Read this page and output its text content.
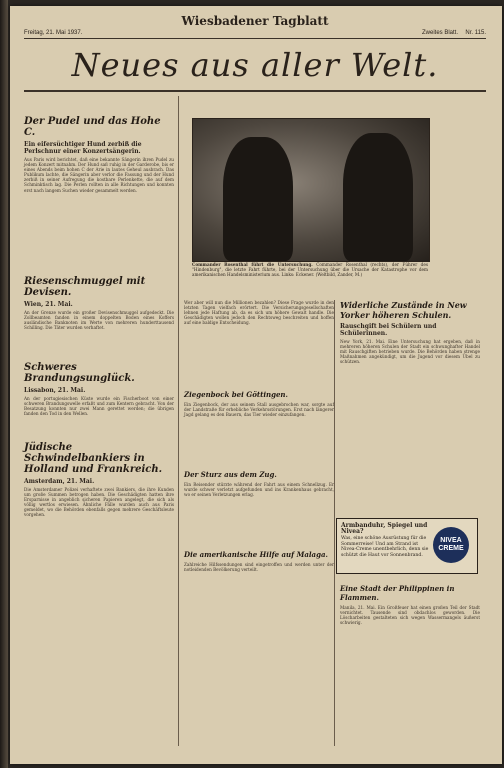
Wiesbadener Tagblatt
Freitag, 21. Mai 1937.	Zweites Blatt. Nr. 115.
Neues aus aller Welt.
Der Pudel und das Hohe C.
Ein eifersüchtiger Hund zerbiß die Perlschnur einer Konzertsängerin.

Aus Paris wird berichtet, daß eine bekannte Sängerin ihren Pudel zu jedem Konzert mitnahm. Der Hund saß ruhig in der Garderobe, bis er eines Abends beim hohen C der Arie in lautes Geheul ausbrach. Das Publikum lachte, die Sängerin aber verlor die Fassung und der Hund zerbiß in seiner Aufregung die kostbare Perlenkette, die auf dem Schminktisch lag. Die Perlen rollten in alle Richtungen und konnten erst nach langem Suchen wieder gesammelt werden.

Riesenschmuggel mit Devisen.
Wien, 21. Mai.

An der Grenze wurde ein großer Devisenschmuggel aufgedeckt. Die Zollbeamten fanden in einem doppelten Boden eines Koffers ausländische Banknoten im Werte von mehreren hunderttausend Schilling. Die Täter wurden verhaftet.

Schweres Brandungsunglück.
Lissabon, 21. Mai.

An der portugiesischen Küste wurde ein Fischerboot von einer schweren Brandungswelle erfaßt und zum Kentern gebracht. Von der Besatzung konnten nur zwei Mann gerettet werden; die übrigen fanden den Tod in den Wellen.

Jüdische Schwindelbankiers in Holland und Frankreich.
Amsterdam, 21. Mai.

Die Amsterdamer Polizei verhaftete zwei Bankiers, die ihre Kunden um große Summen betrogen haben. Die Geschädigten hatten ihre Ersparnisse in angeblich sicheren Papieren angelegt, die sich als völlig wertlos erwiesen. Ähnliche Fälle wurden auch aus Paris gemeldet, wo die Behörden ebenfalls gegen mehrere Geschäftsleute vorgehen.

Commander Rosenthal führt die Untersuchung. Commander Rosenthal (rechts), der Führer des "Hindenburg", die letzte Fahrt führte, bei der Untersuchung über die Ursache der Katastrophe vor dem amerikanischen Handelsministerium aus. Links: Eckener. (Weltbild, Zander, M.)

Wer aber will nun die Millionen bezahlen? Diese Frage wurde in den letzten Tagen vielfach erörtert. Die Versicherungsgesellschaften lehnen jede Haftung ab, da es sich um höhere Gewalt handle. Die Geschädigten wollen jedoch den Rechtsweg beschreiten und hoffen auf eine baldige Entscheidung.

Ziegenbock bei Göttingen.

Ein Ziegenbock, der aus seinem Stall ausgebrochen war, sorgte auf der Landstraße für erhebliche Verkehrsstörungen. Erst nach längerer Jagd gelang es den Bauern, das Tier wieder einzufangen.

Der Sturz aus dem Zug.

Ein Reisender stürzte während der Fahrt aus einem Schnellzug. Er wurde schwer verletzt aufgefunden und ins Krankenhaus gebracht, wo er seinen Verletzungen erlag.

Die amerikanische Hilfe auf Malaga.

Zahlreiche Hilfssendungen sind eingetroffen und werden unter der notleidenden Bevölkerung verteilt.

Widerliche Zustände in New Yorker höheren Schulen.
Rauschgift bei Schülern und Schülerinnen.

New York, 21. Mai. Eine Untersuchung hat ergeben, daß in mehreren höheren Schulen der Stadt ein schwunghafter Handel mit Rauschgiften betrieben wurde. Die Behörden haben strenge Maßnahmen angekündigt, um die Jugend vor diesem Übel zu schützen.

Eine Stadt der Philippinen in Flammen.

Manila, 21. Mai. Ein Großfeuer hat einen großen Teil der Stadt vernichtet. Tausende sind obdachlos geworden. Die Löscharbeiten gestalteten sich wegen Wassermangels äußerst schwierig.

Armbanduhr, Spiegel und Nivea?
Was, eine schöne Ausrüstung für die Sommerreise! Und am Strand ist Nivea-Creme unentbehrlich, denn sie schützt die Haut vor Sonnenbrand.
NIVEA CREME
